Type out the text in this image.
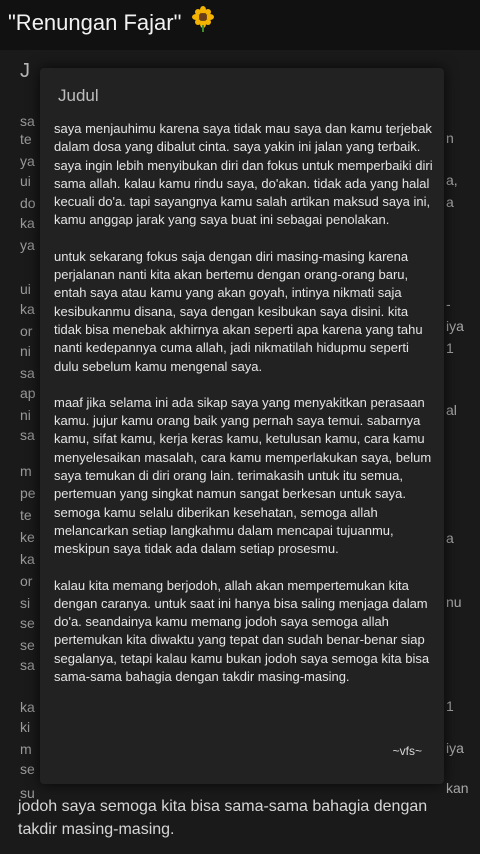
"Renungan Fajar"
J
sa
te
ya
ui
do
ka
ya
ui
ka
or
ni
sa
ap
ni
sa
m
pe
te
ke
ka
or
si
se
se
sa
ka
ki
m
se
su
n
a,
a
-
iya
1
al
a
nu
1
iya
kan
jodoh saya semoga kita bisa sama-sama bahagia dengan
takdir masing-masing.
Judul

saya menjauhimu karena saya tidak mau saya dan kamu terjebak dalam dosa yang dibalut cinta. saya yakin ini jalan yang terbaik. saya ingin lebih menyibukan diri dan fokus untuk memperbaiki diri sama allah. kalau kamu rindu saya, do'akan. tidak ada yang halal kecuali do'a. tapi sayangnya kamu salah artikan maksud saya ini, kamu anggap jarak yang saya buat ini sebagai penolakan.

untuk sekarang fokus saja dengan diri masing-masing karena perjalanan nanti kita akan bertemu dengan orang-orang baru, entah saya atau kamu yang akan goyah, intinya nikmati saja kesibukanmu disana, saya dengan kesibukan saya disini. kita tidak bisa menebak akhirnya akan seperti apa karena yang tahu nanti kedepannya cuma allah, jadi nikmatilah hidupmu seperti dulu sebelum kamu mengenal saya.

maaf jika selama ini ada sikap saya yang menyakitkan perasaan kamu. jujur kamu orang baik yang pernah saya temui. sabarnya kamu, sifat kamu, kerja keras kamu, ketulusan kamu, cara kamu menyelesaikan masalah, cara kamu memperlakukan saya, belum saya temukan di diri orang lain. terimakasih untuk itu semua, pertemuan yang singkat namun sangat berkesan untuk saya. semoga kamu selalu diberikan kesehatan, semoga allah melancarkan setiap langkahmu dalam mencapai tujuanmu, meskipun saya tidak ada dalam setiap prosesmu.

kalau kita memang berjodoh, allah akan mempertemukan kita dengan caranya. untuk saat ini hanya bisa saling menjaga dalam do'a. seandainya kamu memang jodoh saya semoga allah pertemukan kita diwaktu yang tepat dan sudah benar-benar siap segalanya, tetapi kalau kamu bukan jodoh saya semoga kita bisa sama-sama bahagia dengan takdir masing-masing.

~vfs~
